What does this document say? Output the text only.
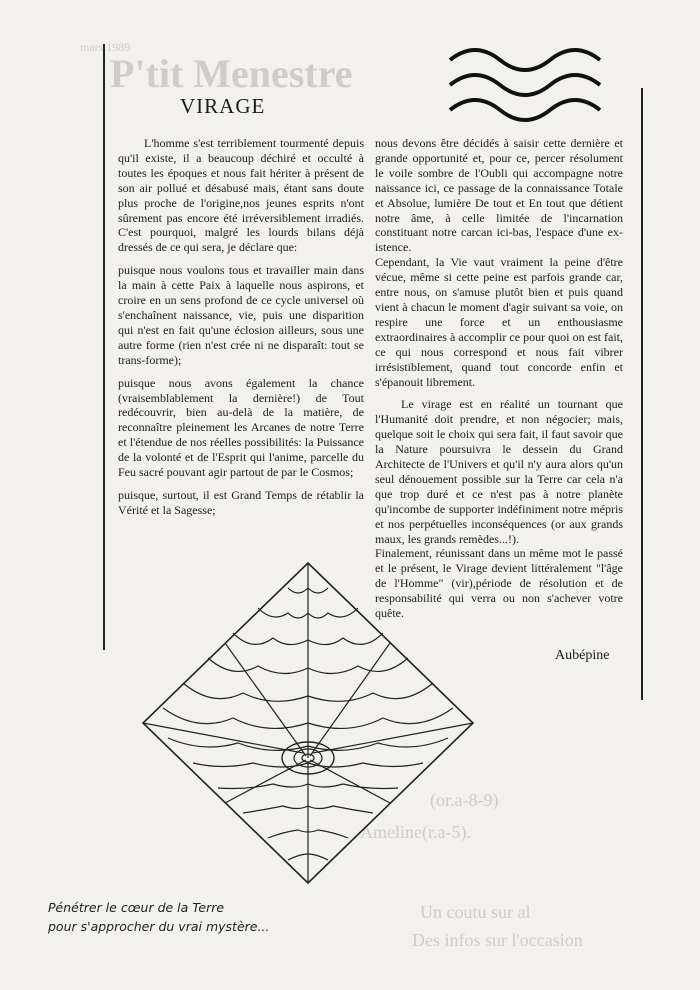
mars 1989
P'tit Menestre
(or.a-8-9)
Ameline(r.a-5).
Un coutu sur al
Des infos sur l'occasion
VIRAGE

L'homme s'est terriblement tourmenté depuis qu'il existe, il a beaucoup déchiré et occulté à toutes les époques et nous fait hériter à présent de son air pollué et désabusé mais, étant sans doute plus proche de l'origine,nos jeunes esprits n'ont sûrement pas encore été irréversiblement irradiés. C'est pourquoi, malgré les lourds bilans déjà dressés de ce qui sera, je déclare que:

puisque nous voulons tous et travailler main dans la main à cette Paix à laquelle nous aspirons, et croire en un sens profond de ce cycle universel où s'enchaînent naissance, vie, puis une disparition qui n'est en fait qu'une éclosion ailleurs, sous une autre forme (rien n'est crée ni ne disparaît: tout se trans-forme);

puisque nous avons également la chance (vraisemblablement la dernière!) de Tout redécouvrir, bien au-delà de la matière, de reconnaître pleinement les Arcanes de notre Terre et l'étendue de nos réelles possibilités: la Puissance de la volonté et de l'Esprit qui l'anime, parcelle du Feu sacré pouvant agir partout de par le Cosmos;

puisque, surtout, il est Grand Temps de rétablir la Vérité et la Sagesse;

nous devons être décidés à saisir cette dernière et grande opportunité et, pour ce, percer résolument le voile sombre de l'Oubli qui accompagne notre naissance ici, ce passage de la connaissance Totale et Absolue, lumière De tout et En tout que détient notre âme, à celle limitée de l'incarnation constituant notre carcan ici-bas, l'espace d'une ex-istence.

Cependant, la Vie vaut vraiment la peine d'être vécue, même si cette peine est parfois grande car, entre nous, on s'amuse plutôt bien et puis quand vient à chacun le moment d'agir suivant sa voie, on respire une force et un enthousiasme extraordinaires à accomplir ce pour quoi on est fait, ce qui nous correspond et nous fait vibrer irrésistiblement, quand tout concorde enfin et s'épanouit librement.

Le virage est en réalité un tournant que l'Humanité doit prendre, et non négocier; mais, quelque soit le choix qui sera fait, il faut savoir que la Nature poursuivra le dessein du Grand Architecte de l'Univers et qu'il n'y aura alors qu'un seul dénouement possible sur la Terre car cela n'a que trop duré et ce n'est pas à notre planète qu'incombe de supporter indéfiniment notre mépris et nos perpétuelles inconséquences (or aux grands maux, les grands remèdes...!).

Finalement, réunissant dans un même mot le passé et le présent, le Virage devient littéralement "l'âge de l'Homme" (vir),période de résolution et de responsabilité qui verra ou non s'achever votre quête.

Aubépine
Pénétrer le cœur de la Terre
pour s'approcher du vrai mystère...
